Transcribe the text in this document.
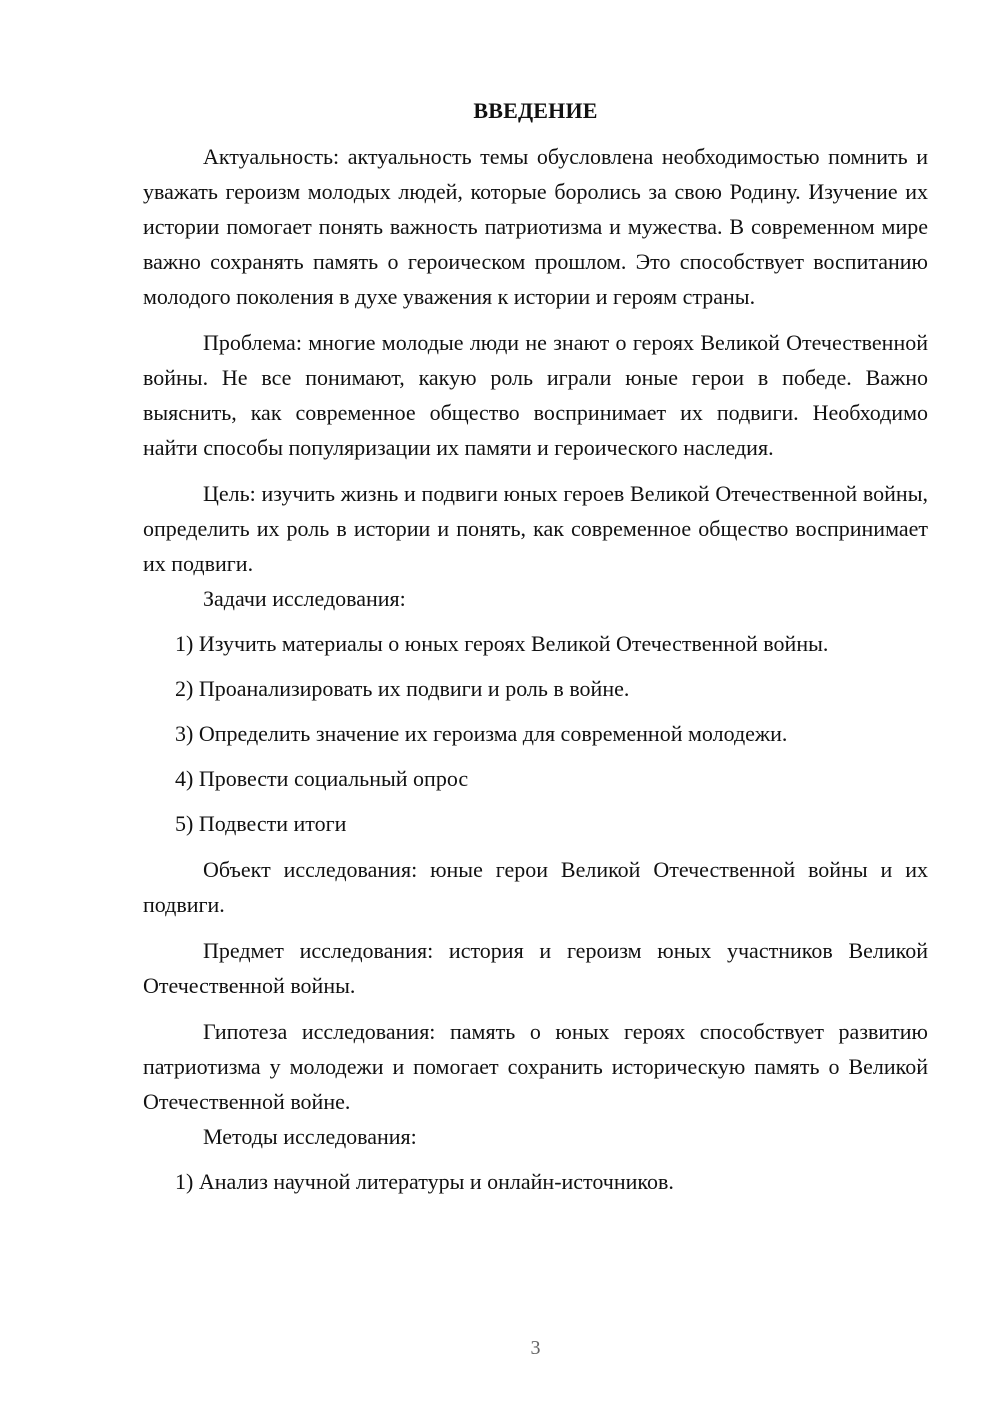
ВВЕДЕНИЕ

Актуальность: актуальность темы обусловлена необходимостью помнить и уважать героизм молодых людей, которые боролись за свою Родину. Изучение их истории помогает понять важность патриотизма и мужества. В современном мире важно сохранять память о героическом прошлом. Это способствует воспитанию молодого поколения в духе уважения к истории и героям страны.

Проблема: многие молодые люди не знают о героях Великой Отечественной войны. Не все понимают, какую роль играли юные герои в победе. Важно выяснить, как современное общество воспринимает их подвиги. Необходимо найти способы популяризации их памяти и героического наследия.

Цель: изучить жизнь и подвиги юных героев Великой Отечественной войны, определить их роль в истории и понять, как современное общество воспринимает их подвиги.

Задачи исследования:

1) Изучить материалы о юных героях Великой Отечественной войны.
2) Проанализировать их подвиги и роль в войне.
3) Определить значение их героизма для современной молодежи.
4) Провести социальный опрос
5) Подвести итоги

Объект исследования: юные герои Великой Отечественной войны и их подвиги.

Предмет исследования: история и героизм юных участников Великой Отечественной войны.

Гипотеза исследования: память о юных героях способствует развитию патриотизма у молодежи и помогает сохранить историческую память о Великой Отечественной войне.

Методы исследования:

1) Анализ научной литературы и онлайн-источников.
3
